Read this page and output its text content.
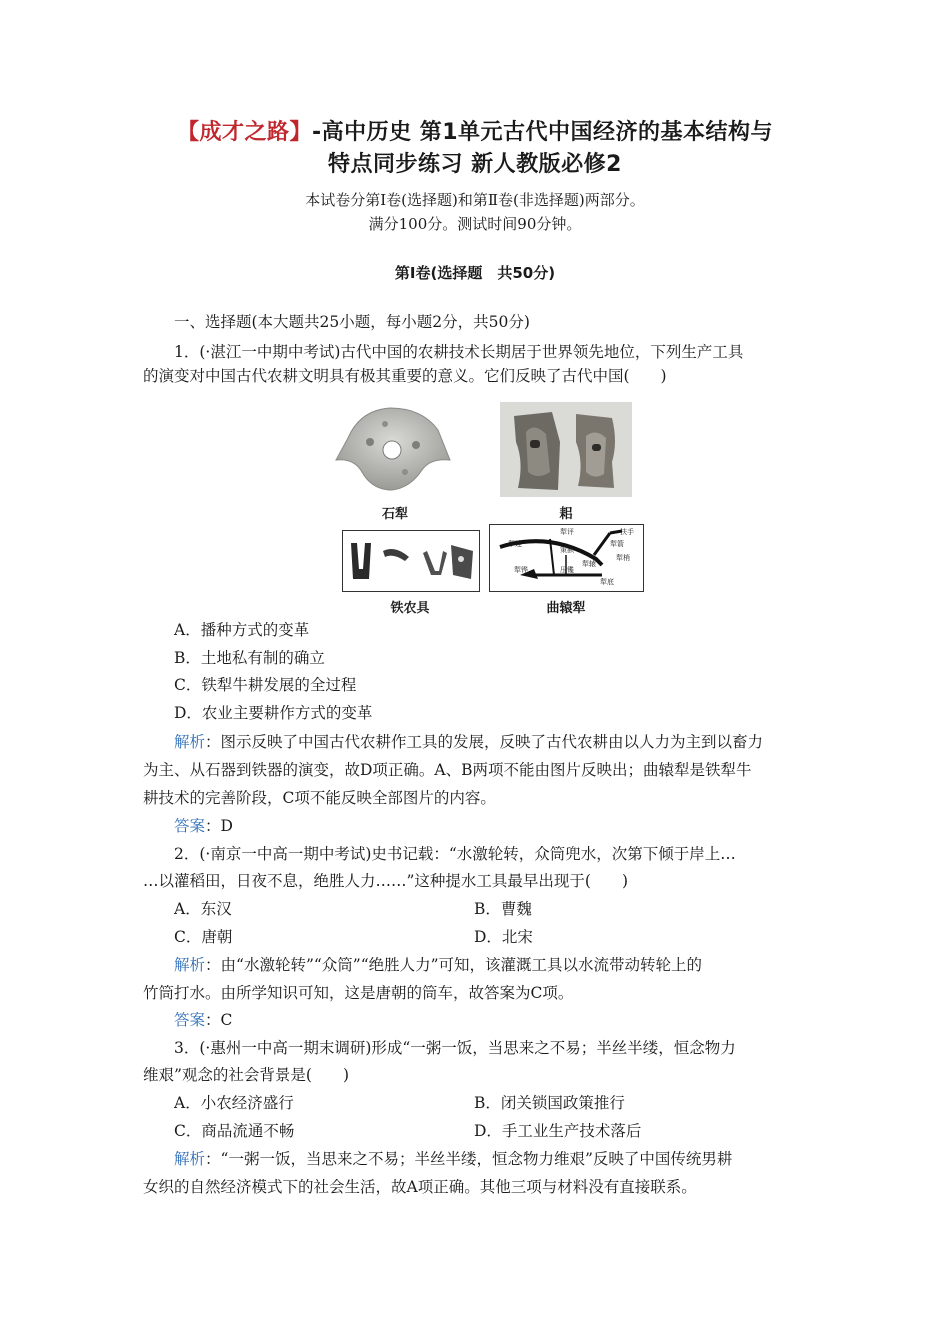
【成才之路】-高中历史 第1单元古代中国经济的基本结构与
特点同步练习 新人教版必修2
本试卷分第Ⅰ卷(选择题)和第Ⅱ卷(非选择题)两部分。
满分100分。测试时间90分钟。
第Ⅰ卷(选择题　共50分)
一、选择题(本大题共25小题，每小题2分，共50分)
1．(·湛江一中期中考试)古代中国的农耕技术长期居于世界领先地位，下列生产工具
的演变对中国古代农耕文明具有极其重要的意义。它们反映了古代中国(　　)
石犁	耜
铁农具
犁评
犁箭
犁梢
策额
扶手
犁建
犁辕
犁铧	压镵
犁底
曲辕犁
A．播种方式的变革
B．土地私有制的确立
C．铁犁牛耕发展的全过程
D．农业主要耕作方式的变革
解析：图示反映了中国古代农耕作工具的发展，反映了古代农耕由以人力为主到以畜力
为主、从石器到铁器的演变，故D项正确。A、B两项不能由图片反映出；曲辕犁是铁犁牛
耕技术的完善阶段，C项不能反映全部图片的内容。
答案：D
2．(·南京一中高一期中考试)史书记载：“水激轮转，众筒兜水，次第下倾于岸上…
…以灌稻田，日夜不息，绝胜人力……”这种提水工具最早出现于(　　)
A．东汉	B．曹魏
C．唐朝	D．北宋
解析：由“水激轮转”“众筒”“绝胜人力”可知，该灌溉工具以水流带动转轮上的
竹筒打水。由所学知识可知，这是唐朝的筒车，故答案为C项。
答案：C
3．(·惠州一中高一期末调研)形成“一粥一饭，当思来之不易；半丝半缕，恒念物力
维艰”观念的社会背景是(　　)
A．小农经济盛行	B．闭关锁国政策推行
C．商品流通不畅	D．手工业生产技术落后
解析：“一粥一饭，当思来之不易；半丝半缕，恒念物力维艰”反映了中国传统男耕
女织的自然经济模式下的社会生活，故A项正确。其他三项与材料没有直接联系。
